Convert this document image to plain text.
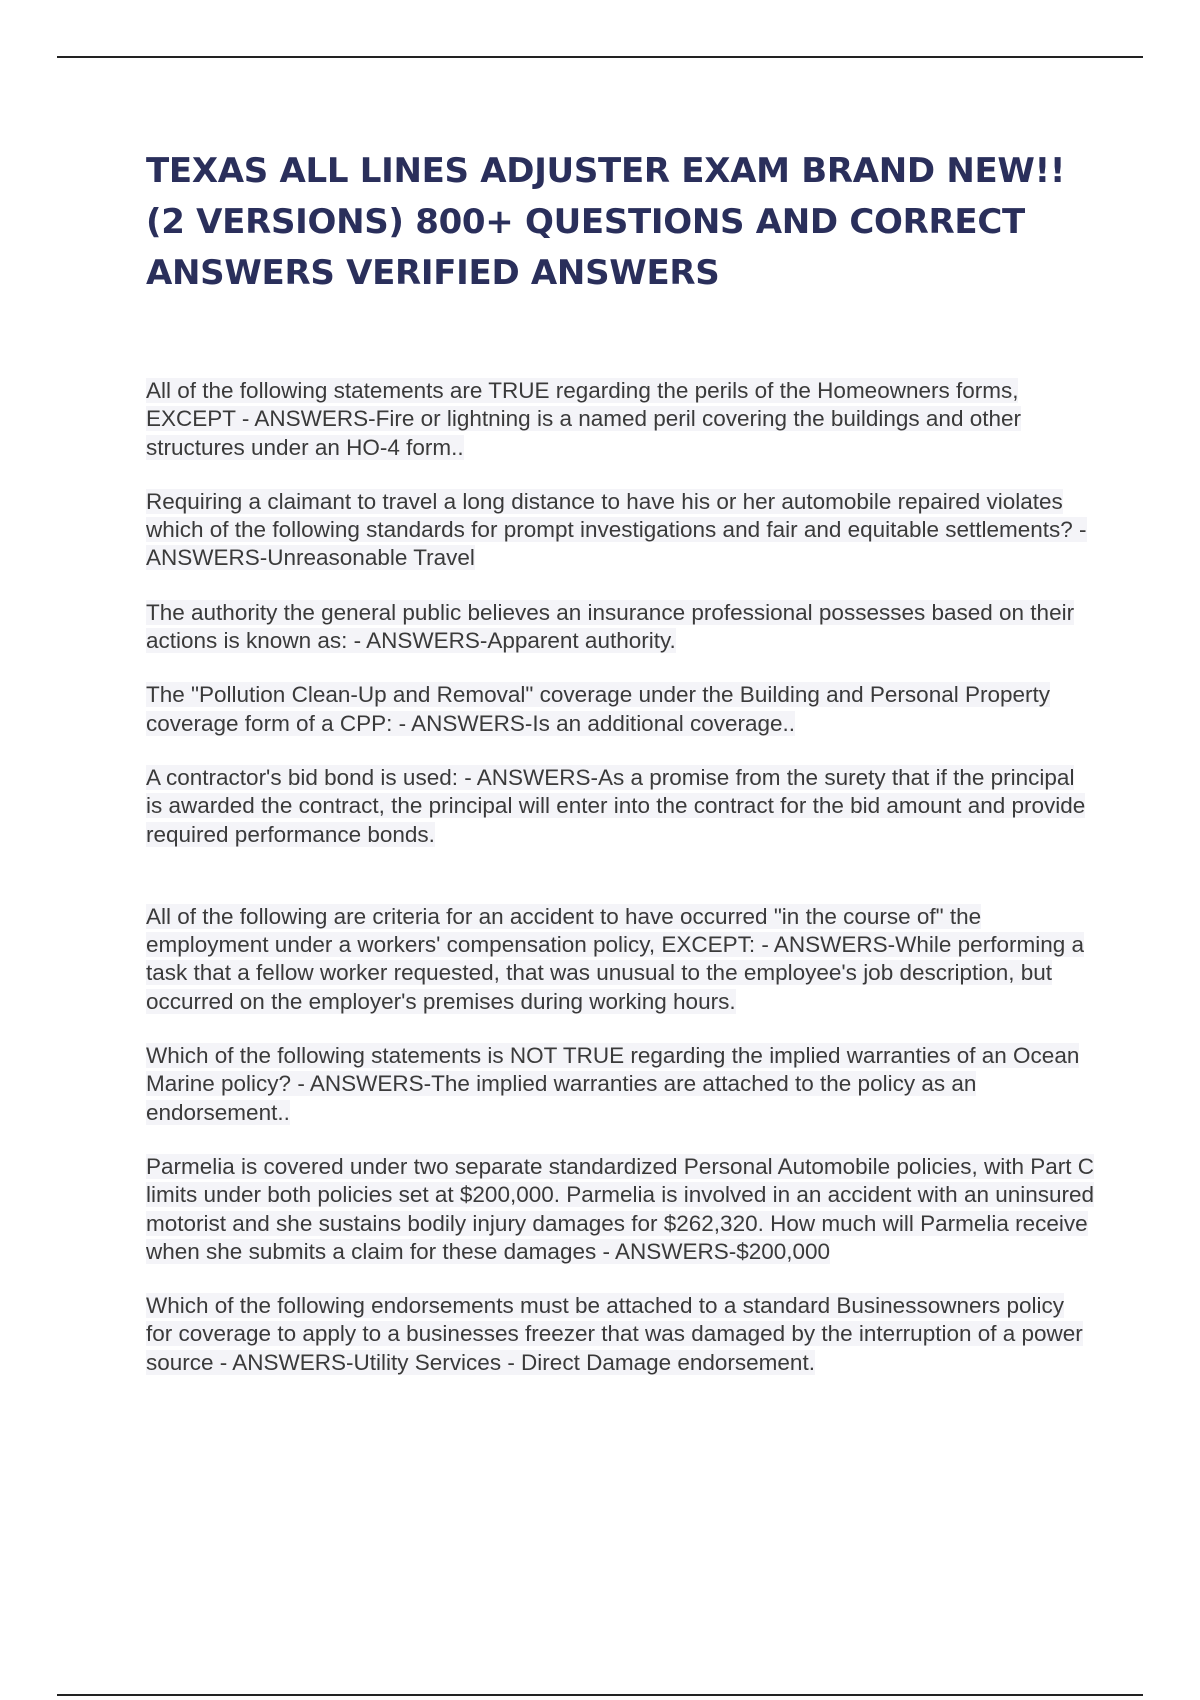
TEXAS ALL LINES ADJUSTER EXAM BRAND NEW!! (2 VERSIONS) 800+ QUESTIONS AND CORRECT ANSWERS VERIFIED ANSWERS

All of the following statements are TRUE regarding the perils of the Homeowners forms, EXCEPT - ANSWERS-Fire or lightning is a named peril covering the buildings and other structures under an HO-4 form..

Requiring a claimant to travel a long distance to have his or her automobile repaired violates which of the following standards for prompt investigations and fair and equitable settlements? - ANSWERS-Unreasonable Travel

The authority the general public believes an insurance professional possesses based on their actions is known as: - ANSWERS-Apparent authority.

The "Pollution Clean-Up and Removal" coverage under the Building and Personal Property coverage form of a CPP: - ANSWERS-Is an additional coverage..

A contractor's bid bond is used: - ANSWERS-As a promise from the surety that if the principal is awarded the contract, the principal will enter into the contract for the bid amount and provide required performance bonds.

All of the following are criteria for an accident to have occurred "in the course of" the employment under a workers' compensation policy, EXCEPT: - ANSWERS-While performing a task that a fellow worker requested, that was unusual to the employee's job description, but occurred on the employer's premises during working hours.

Which of the following statements is NOT TRUE regarding the implied warranties of an Ocean Marine policy? - ANSWERS-The implied warranties are attached to the policy as an endorsement..

Parmelia is covered under two separate standardized Personal Automobile policies, with Part C limits under both policies set at $200,000. Parmelia is involved in an accident with an uninsured motorist and she sustains bodily injury damages for $262,320. How much will Parmelia receive when she submits a claim for these damages - ANSWERS-$200,000

Which of the following endorsements must be attached to a standard Businessowners policy for coverage to apply to a businesses freezer that was damaged by the interruption of a power source - ANSWERS-Utility Services - Direct Damage endorsement.
